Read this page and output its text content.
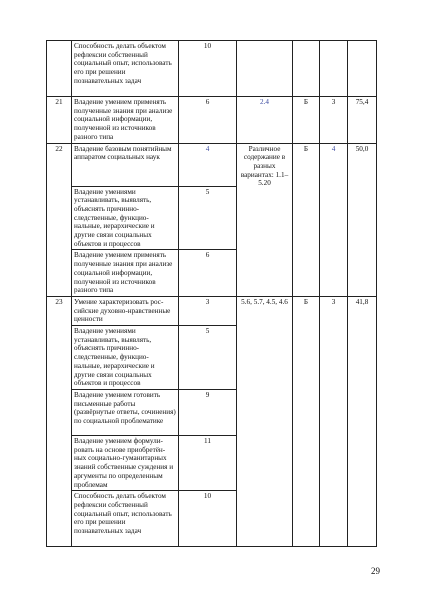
	Способность делать объектом рефлексии собственный социальный опыт, использовать его при решении познавательных задач	10				
21	Владение умением применять полученные знания при анализе социальной информации, полученной из источников разного типа	6	2.4	Б	3	75,4
22	Владение базовым понятийным аппаратом социальных наук	4	Различное содержание в разных вариантах: 1.1–5.20	Б	4	50,0
	Владение умениями устанавливать, выявлять, объяснять причинно-следственные, функцио-нальные, иерархические и другие связи социальных объектов и процессов	5				
	Владение умением применять полученные знания при анализе социальной информации, полученной из источников разного типа	6				
23	Умение характеризовать рос-сийские духовно-нравственные ценности	3	5.6, 5.7, 4.5, 4.6	Б	3	41,8
	Владение умениями устанавливать, выявлять, объяснять причинно-следственные, функцио-нальные, иерархические и другие связи социальных объектов и процессов	5				
	Владение умением готовить письменные работы (развёрнутые ответы, сочинения) по социальной проблематике	9				
	Владение умением формули-ровать на основе приобретён-ных социально-гуманитарных знаний собственные суждения и аргументы по определенным проблемам	11				
	Способность делать объектом рефлексии собственный социальный опыт, использовать его при решении познавательных задач	10				
29
